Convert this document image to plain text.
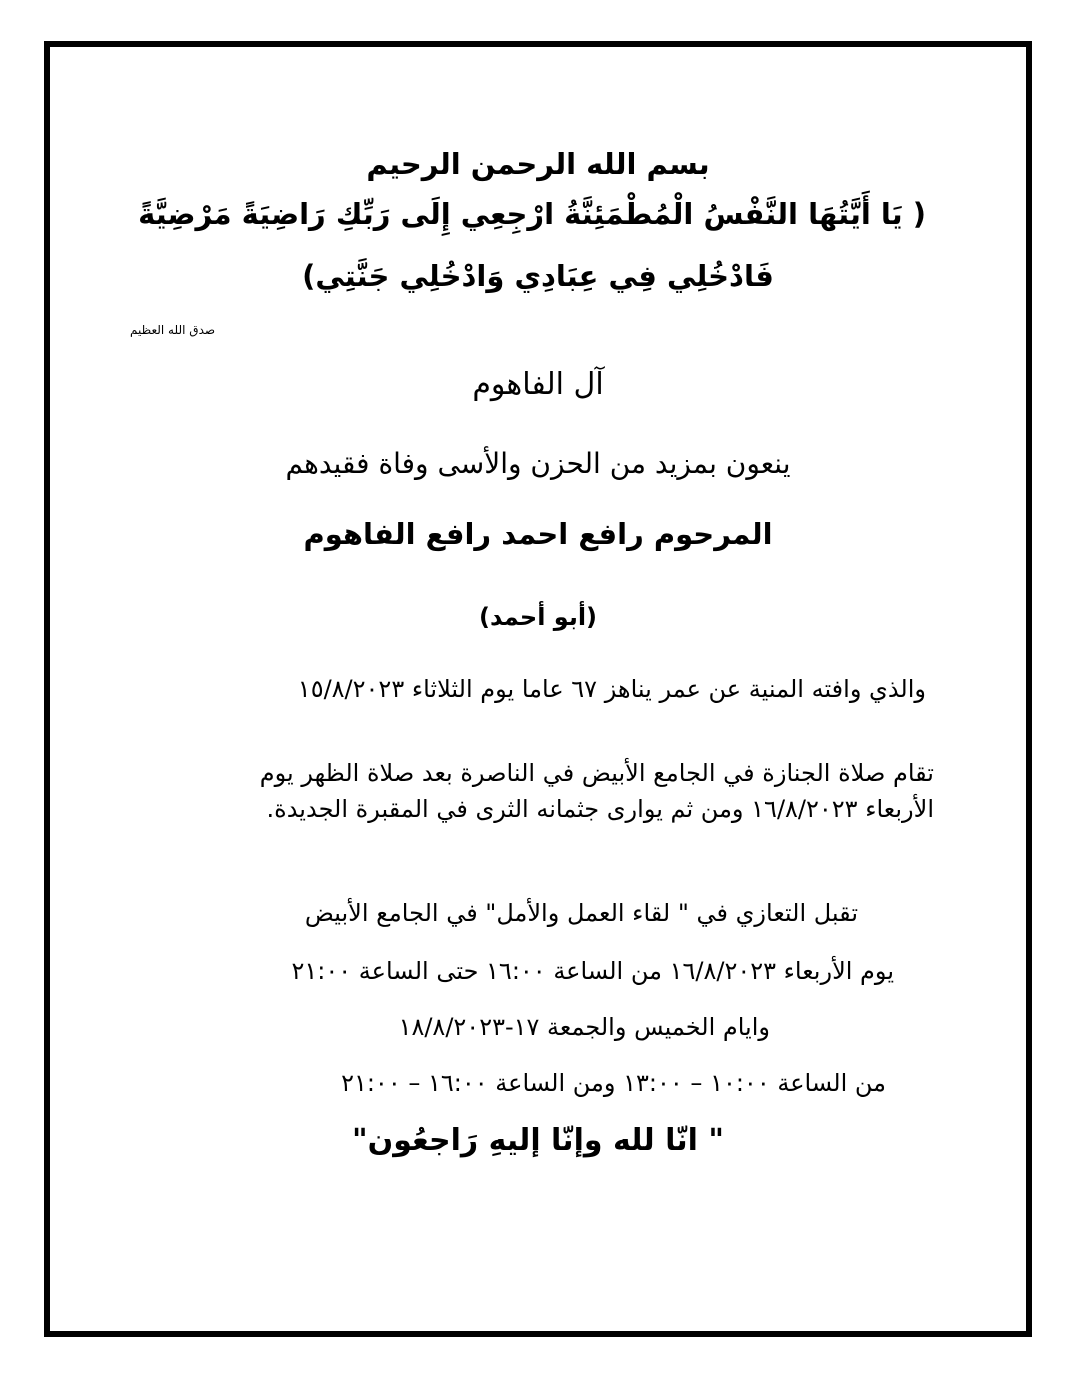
بسم الله الرحمن الرحيم
( يَا أَيَّتُهَا النَّفْسُ الْمُطْمَئِنَّةُ ارْجِعِي إِلَى رَبِّكِ رَاضِيَةً مَرْضِيَّةً
فَادْخُلِي فِي عِبَادِي وَادْخُلِي جَنَّتِي)
صدق الله العظيم
آل الفاهوم
ينعون بمزيد من الحزن والأسى وفاة فقيدهم
المرحوم رافع احمد رافع الفاهوم
(أبو أحمد)
والذي وافته المنية عن عمر يناهز ٦٧ عاما يوم الثلاثاء ١٥/٨/٢٠٢٣
تقام صلاة الجنازة في الجامع الأبيض في الناصرة بعد صلاة الظهر يوم
الأربعاء ١٦/٨/٢٠٢٣ ومن ثم يوارى جثمانه الثرى في المقبرة الجديدة.
تقبل التعازي في " لقاء العمل والأمل" في الجامع الأبيض
يوم الأربعاء ١٦/٨/٢٠٢٣ من الساعة ١٦:٠٠ حتى الساعة ٢١:٠٠
وايام الخميس والجمعة ١٧-١٨/٨/٢٠٢٣
من الساعة ١٠:٠٠ – ١٣:٠٠ ومن الساعة ١٦:٠٠ – ٢١:٠٠
" انّا لله وإنّا إليهِ رَاجعُون"
